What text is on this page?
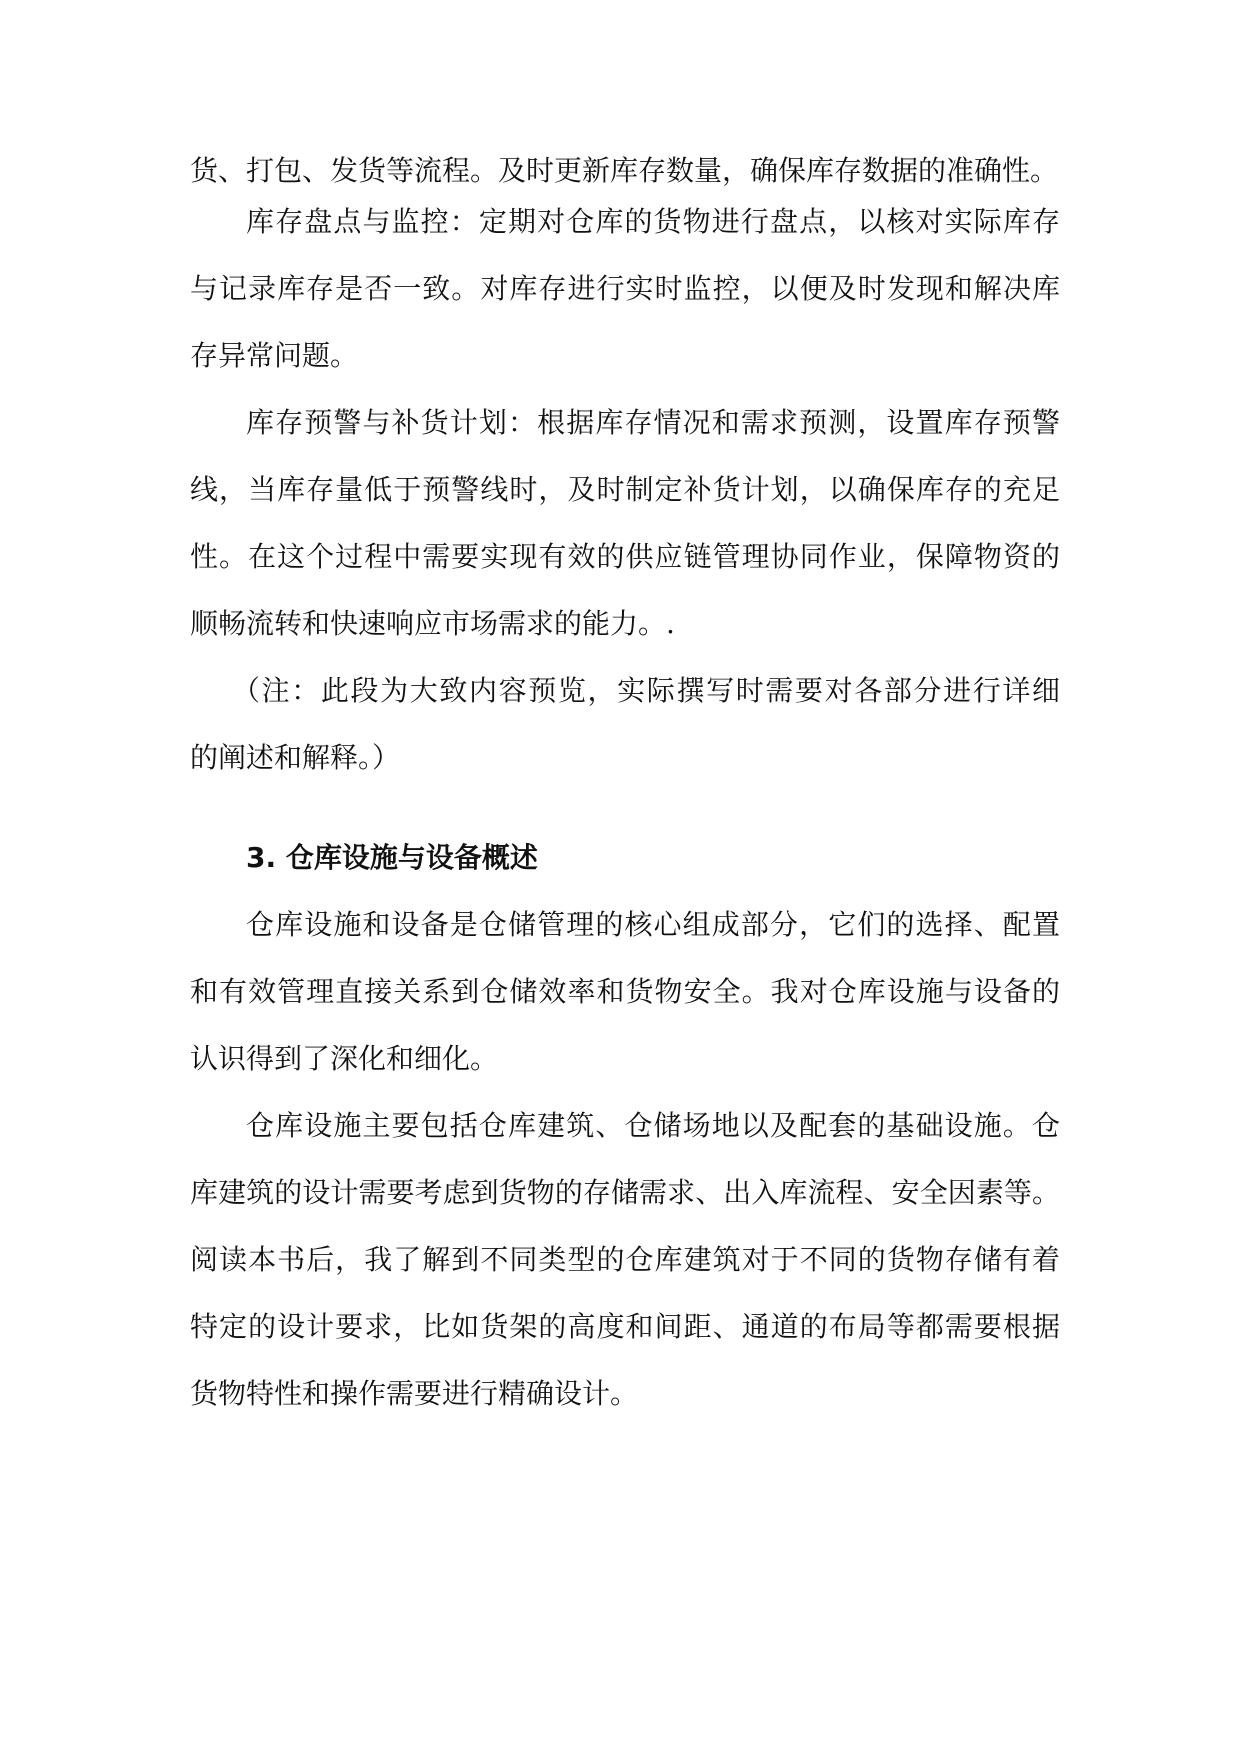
货、打包、发货等流程。及时更新库存数量，确保库存数据的准确性。

库存盘点与监控：定期对仓库的货物进行盘点，以核对实际库存

与记录库存是否一致。对库存进行实时监控，以便及时发现和解决库

存异常问题。

库存预警与补货计划：根据库存情况和需求预测，设置库存预警

线，当库存量低于预警线时，及时制定补货计划，以确保库存的充足

性。在这个过程中需要实现有效的供应链管理协同作业，保障物资的

顺畅流转和快速响应市场需求的能力。.

（注：此段为大致内容预览，实际撰写时需要对各部分进行详细

的阐述和解释。）

3. 仓库设施与设备概述

仓库设施和设备是仓储管理的核心组成部分，它们的选择、配置

和有效管理直接关系到仓储效率和货物安全。我对仓库设施与设备的

认识得到了深化和细化。

仓库设施主要包括仓库建筑、仓储场地以及配套的基础设施。仓

库建筑的设计需要考虑到货物的存储需求、出入库流程、安全因素等。

阅读本书后，我了解到不同类型的仓库建筑对于不同的货物存储有着

特定的设计要求，比如货架的高度和间距、通道的布局等都需要根据

货物特性和操作需要进行精确设计。
